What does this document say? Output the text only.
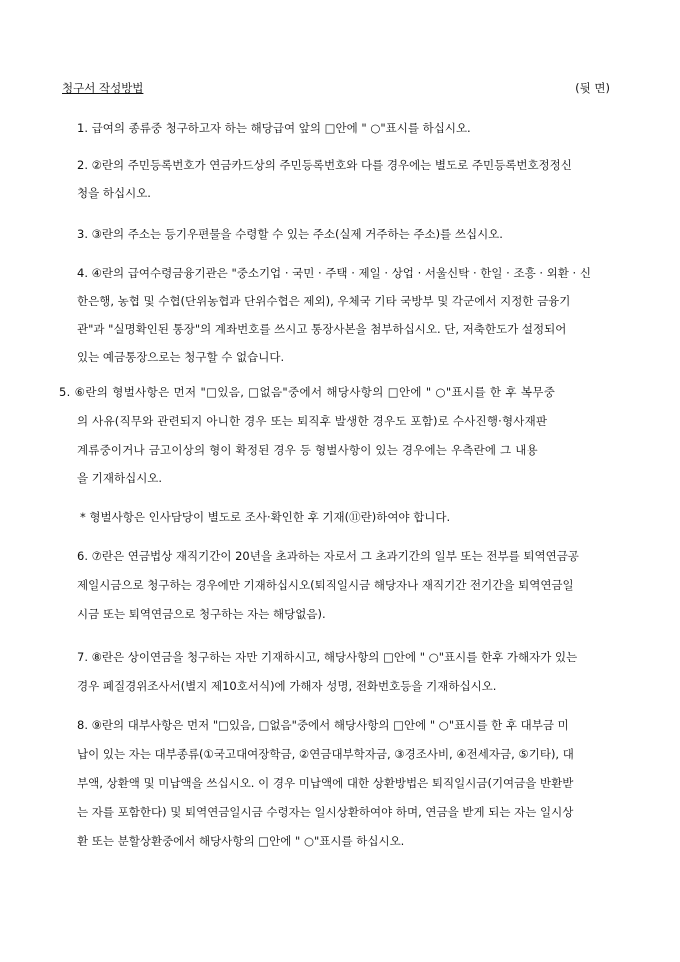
청구서 작성방법	(뒷 면)
1. 급여의 종류중 청구하고자 하는 해당급여 앞의 □안에 " ○"표시를 하십시오.
2. ②란의 주민등록번호가 연금카드상의 주민등록번호와 다를 경우에는 별도로 주민등록번호정정신
청을 하십시오.
3. ③란의 주소는 등기우편물을 수령할 수 있는 주소(실제 거주하는 주소)를 쓰십시오.
4. ④란의 급여수령금융기관은 "중소기업 · 국민 · 주택 · 제일 · 상업 · 서울신탁 · 한일 · 조흥 · 외환 · 신
한은행, 농협 및 수협(단위농협과 단위수협은 제외), 우체국 기타 국방부 및 각군에서 지정한 금융기
관"과 "실명확인된 통장"의 계좌번호를 쓰시고 통장사본을 첨부하십시오. 단, 저축한도가 설정되어
있는 예금통장으로는 청구할 수 없습니다.
5. ⑥란의 형벌사항은 먼저 "□있음, □없음"중에서 해당사항의 □안에 " ○"표시를 한 후 복무중
의 사유(직무와 관련되지 아니한 경우 또는 퇴직후 발생한 경우도 포함)로 수사진행·형사재판
계류중이거나 금고이상의 형이 확정된 경우 등 형벌사항이 있는 경우에는 우측란에 그 내용
을 기재하십시오.
* 형벌사항은 인사담당이 별도로 조사·확인한 후 기재(⑪란)하여야 합니다.
6. ⑦란은 연금법상 재직기간이 20년을 초과하는 자로서 그 초과기간의 일부 또는 전부를 퇴역연금공
제일시금으로 청구하는 경우에만 기재하십시오(퇴직일시금 해당자나 재직기간 전기간을 퇴역연금일
시금 또는 퇴역연금으로 청구하는 자는 해당없음).
7. ⑧란은 상이연금을 청구하는 자만 기재하시고, 해당사항의 □안에 " ○"표시를 한후 가해자가 있는
경우 폐질경위조사서(별지 제10호서식)에 가해자 성명, 전화번호등을 기재하십시오.
8. ⑨란의 대부사항은 먼저 "□있음, □없음"중에서 해당사항의 □안에 " ○"표시를 한 후 대부금 미
납이 있는 자는 대부종류(①국고대여장학금, ②연금대부학자금, ③경조사비, ④전세자금, ⑤기타), 대
부액, 상환액 및 미납액을 쓰십시오. 이 경우 미납액에 대한 상환방법은 퇴직일시금(기여금을 반환받
는 자를 포함한다) 및 퇴역연금일시금 수령자는 일시상환하여야 하며, 연금을 받게 되는 자는 일시상
환 또는 분할상환중에서 해당사항의 □안에 " ○"표시를 하십시오.
